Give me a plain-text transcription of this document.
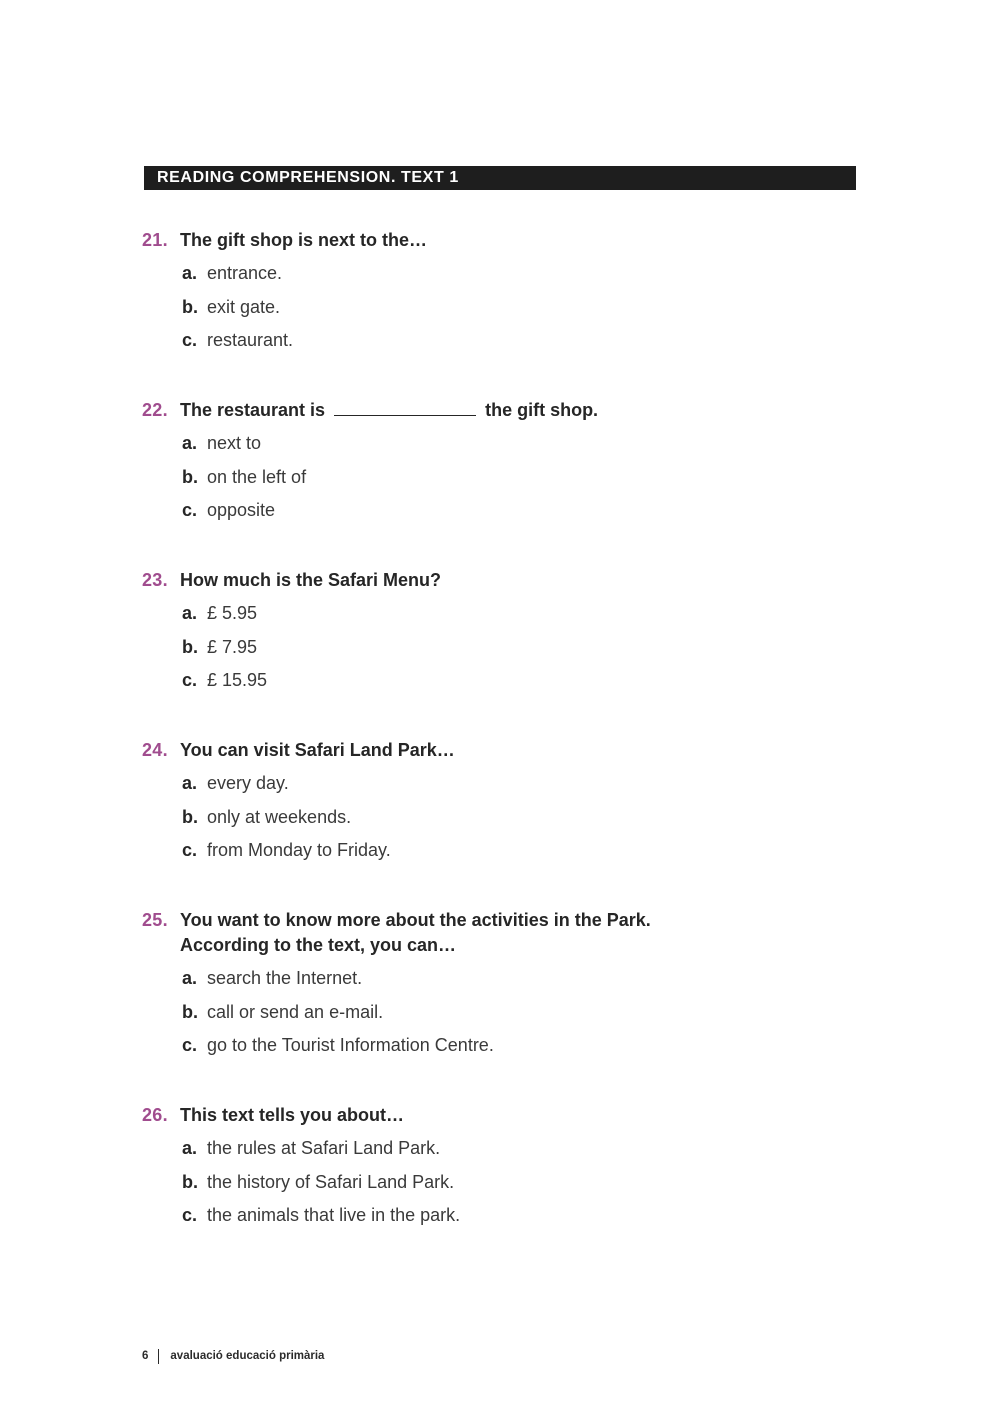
READING COMPREHENSION. TEXT 1
21. The gift shop is next to the…
a. entrance.
b. exit gate.
c. restaurant.
22. The restaurant is	the gift shop.
a. next to
b. on the left of
c. opposite
23. How much is the Safari Menu?
a. £ 5.95
b. £ 7.95
c. £ 15.95
24. You can visit Safari Land Park…
a. every day.
b. only at weekends.
c. from Monday to Friday.
25. You want to know more about the activities in the Park.
According to the text, you can…
a. search the Internet.
b. call or send an e-mail.
c. go to the Tourist Information Centre.
26. This text tells you about…
a. the rules at Safari Land Park.
b. the history of Safari Land Park.
c. the animals that live in the park.
6 avaluació educació primària
